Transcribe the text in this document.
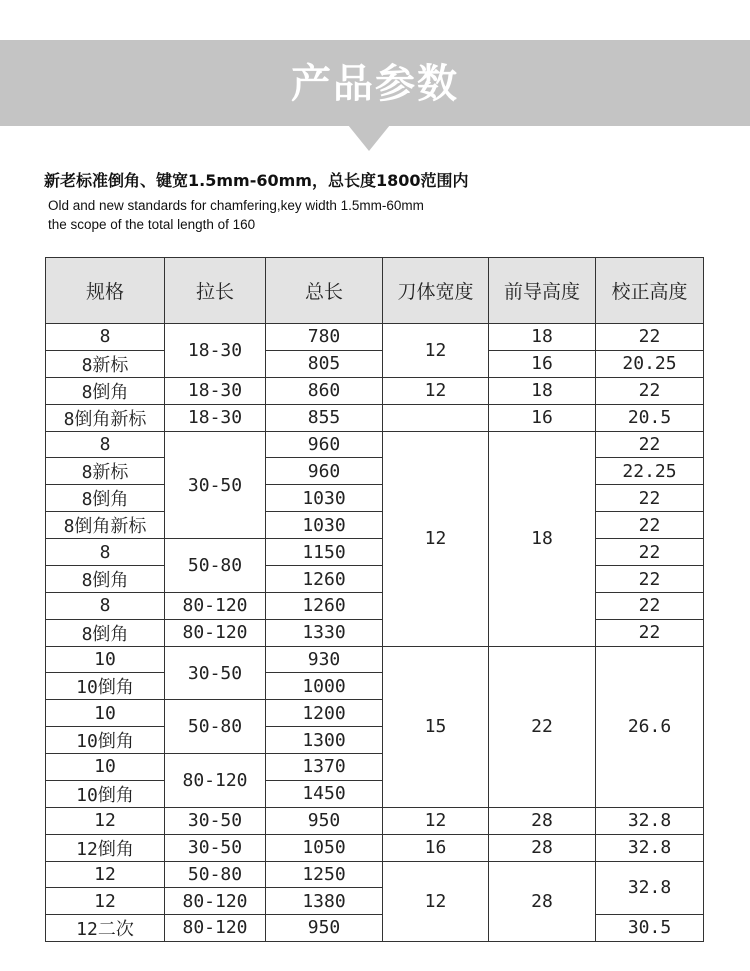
产品参数
新老标准倒角、键宽1.5mm-60mm，总长度1800范围内
Old and new standards for chamfering,key width 1.5mm-60mm
the scope of the total length of 160
规格	拉长	总长	刀体宽度	前导高度	校正高度
8	18-30	780	12	18	22
8新标		805		16	20.25
8倒角	18-30	860	12	18	22
8倒角新标	18-30	855		16	20.5
8	30-50	960	12	18	22
8新标		960			22.25
8倒角		1030			22
8倒角新标		1030			22
8	50-80	1150			22
8倒角		1260			22
8	80-120	1260			22
8倒角	80-120	1330			22
10	30-50	930	15	22	26.6
10倒角		1000			
10	50-80	1200			
10倒角		1300			
10	80-120	1370			
10倒角		1450			
12	30-50	950	12	28	32.8
12倒角	30-50	1050	16	28	32.8
12	50-80	1250	12	28	32.8
12	80-120	1380			
12二次	80-120	950			30.5
